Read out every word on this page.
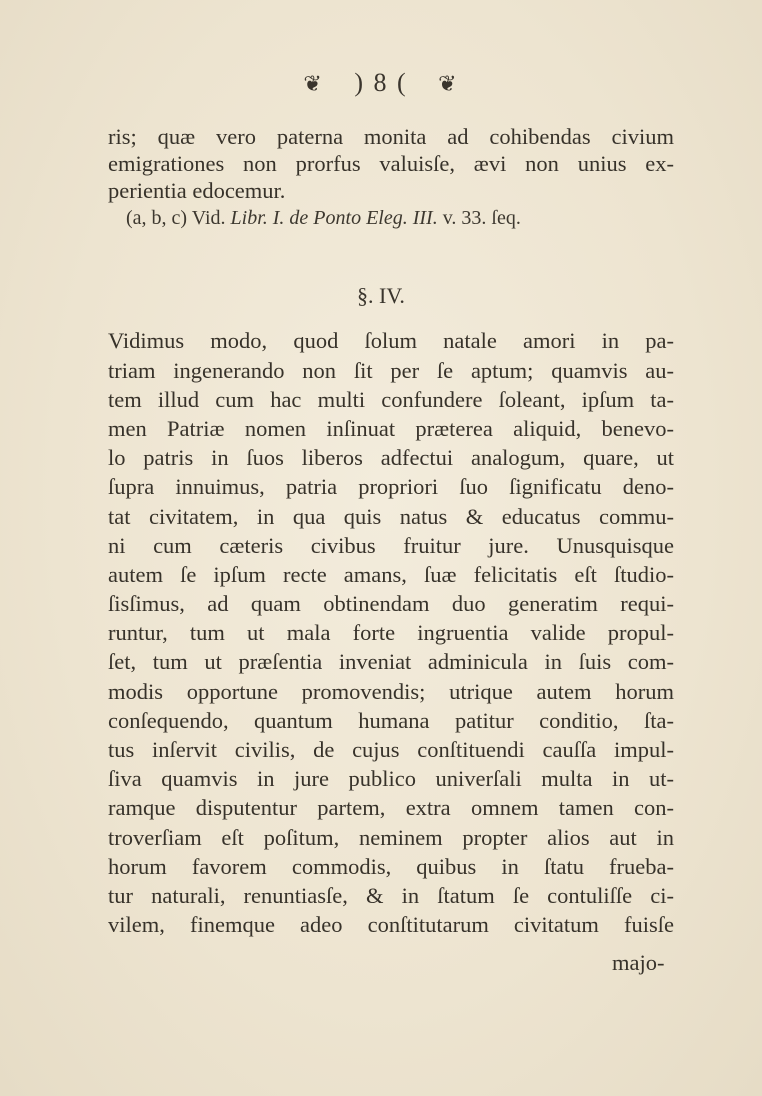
❦ ) 8 ( ❦
ris; quæ vero paterna monita ad cohibendas civium
emigrationes non prorfus valuisſe, ævi non unius ex-
perientia edocemur.
(a, b, c) Vid. Libr. I. de Ponto Eleg. III. v. 33. ſeq.
§. IV.
Vidimus modo, quod ſolum natale amori in pa-
triam ingenerando non ſit per ſe aptum; quamvis au-
tem illud cum hac multi confundere ſoleant, ipſum ta-
men Patriæ nomen inſinuat præterea aliquid, benevo-
lo patris in ſuos liberos adfectui analogum, quare, ut
ſupra innuimus, patria propriori ſuo ſignificatu deno-
tat civitatem, in qua quis natus & educatus commu-
ni cum cæteris civibus fruitur jure. Unusquisque
autem ſe ipſum recte amans, ſuæ felicitatis eſt ſtudio-
ſisſimus, ad quam obtinendam duo generatim requi-
runtur, tum ut mala forte ingruentia valide propul-
ſet, tum ut præſentia inveniat adminicula in ſuis com-
modis opportune promovendis; utrique autem horum
conſequendo, quantum humana patitur conditio, ſta-
tus inſervit civilis, de cujus conſtituendi cauſſa impul-
ſiva quamvis in jure publico univerſali multa in ut-
ramque disputentur partem, extra omnem tamen con-
troverſiam eſt poſitum, neminem propter alios aut in
horum favorem commodis, quibus in ſtatu frueba-
tur naturali, renuntiasſe, & in ſtatum ſe contuliſſe ci-
vilem, finemque adeo conſtitutarum civitatum fuisſe
majo-
